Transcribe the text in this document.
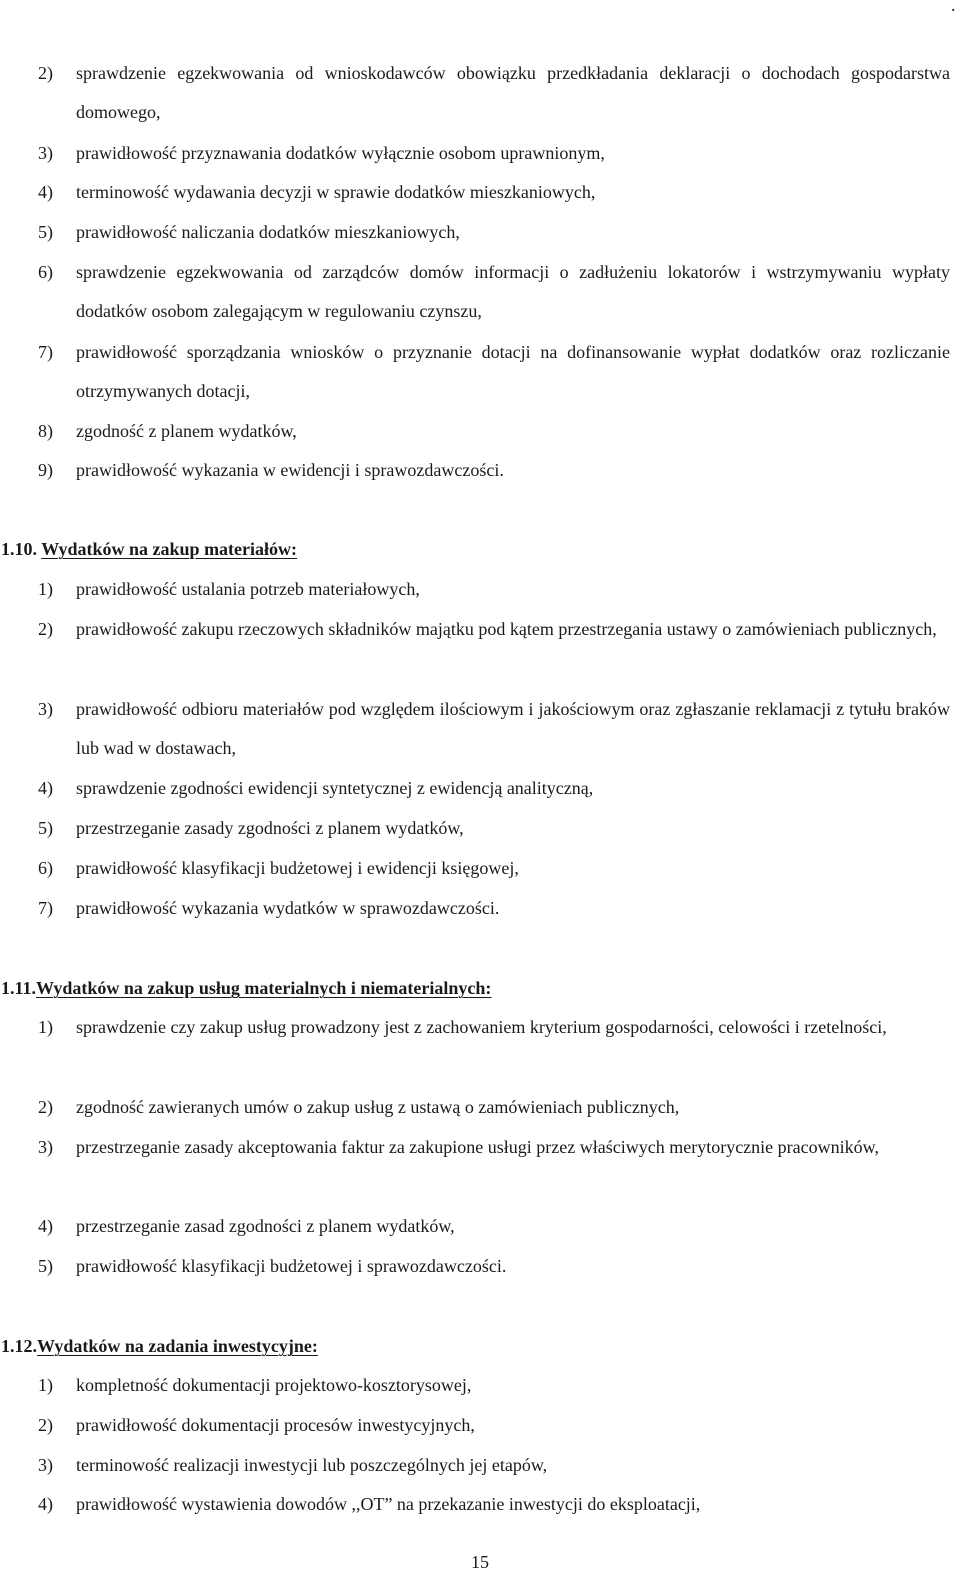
.
2) sprawdzenie egzekwowania od wnioskodawców obowiązku przedkładania deklaracji o dochodach gospodarstwa domowego,
3) prawidłowość przyznawania dodatków wyłącznie osobom uprawnionym,
4) terminowość wydawania decyzji w sprawie dodatków mieszkaniowych,
5) prawidłowość naliczania dodatków mieszkaniowych,
6) sprawdzenie egzekwowania od zarządców domów informacji o zadłużeniu lokatorów i wstrzymywaniu wypłaty dodatków osobom zalegającym w regulowaniu czynszu,
7) prawidłowość sporządzania wniosków o przyznanie dotacji na dofinansowanie wypłat dodatków oraz rozliczanie otrzymywanych dotacji,
8) zgodność z planem wydatków,
9) prawidłowość wykazania w ewidencji i sprawozdawczości.
1.10. Wydatków na zakup materiałów:
1) prawidłowość ustalania potrzeb materiałowych,
2) prawidłowość zakupu rzeczowych składników majątku pod kątem przestrzegania ustawy o zamówieniach publicznych,
3) prawidłowość odbioru materiałów pod względem ilościowym i jakościowym oraz zgłaszanie reklamacji z tytułu braków lub wad w dostawach,
4) sprawdzenie zgodności ewidencji syntetycznej z ewidencją analityczną,
5) przestrzeganie zasady zgodności z planem wydatków,
6) prawidłowość klasyfikacji budżetowej i ewidencji księgowej,
7) prawidłowość wykazania wydatków w sprawozdawczości.
1.11.Wydatków na zakup usług materialnych i niematerialnych:
1) sprawdzenie czy zakup usług prowadzony jest z zachowaniem kryterium gospodarności, celowości i rzetelności,
2) zgodność zawieranych umów o zakup usług z ustawą o zamówieniach publicznych,
3) przestrzeganie zasady akceptowania faktur za zakupione usługi przez właściwych merytorycznie pracowników,
4) przestrzeganie zasad zgodności z planem wydatków,
5) prawidłowość klasyfikacji budżetowej i sprawozdawczości.
1.12.Wydatków na zadania inwestycyjne:
1) kompletność dokumentacji projektowo-kosztorysowej,
2) prawidłowość dokumentacji procesów inwestycyjnych,
3) terminowość realizacji inwestycji lub poszczególnych jej etapów,
4) prawidłowość wystawienia dowodów ,,OT” na przekazanie inwestycji do eksploatacji,
15
